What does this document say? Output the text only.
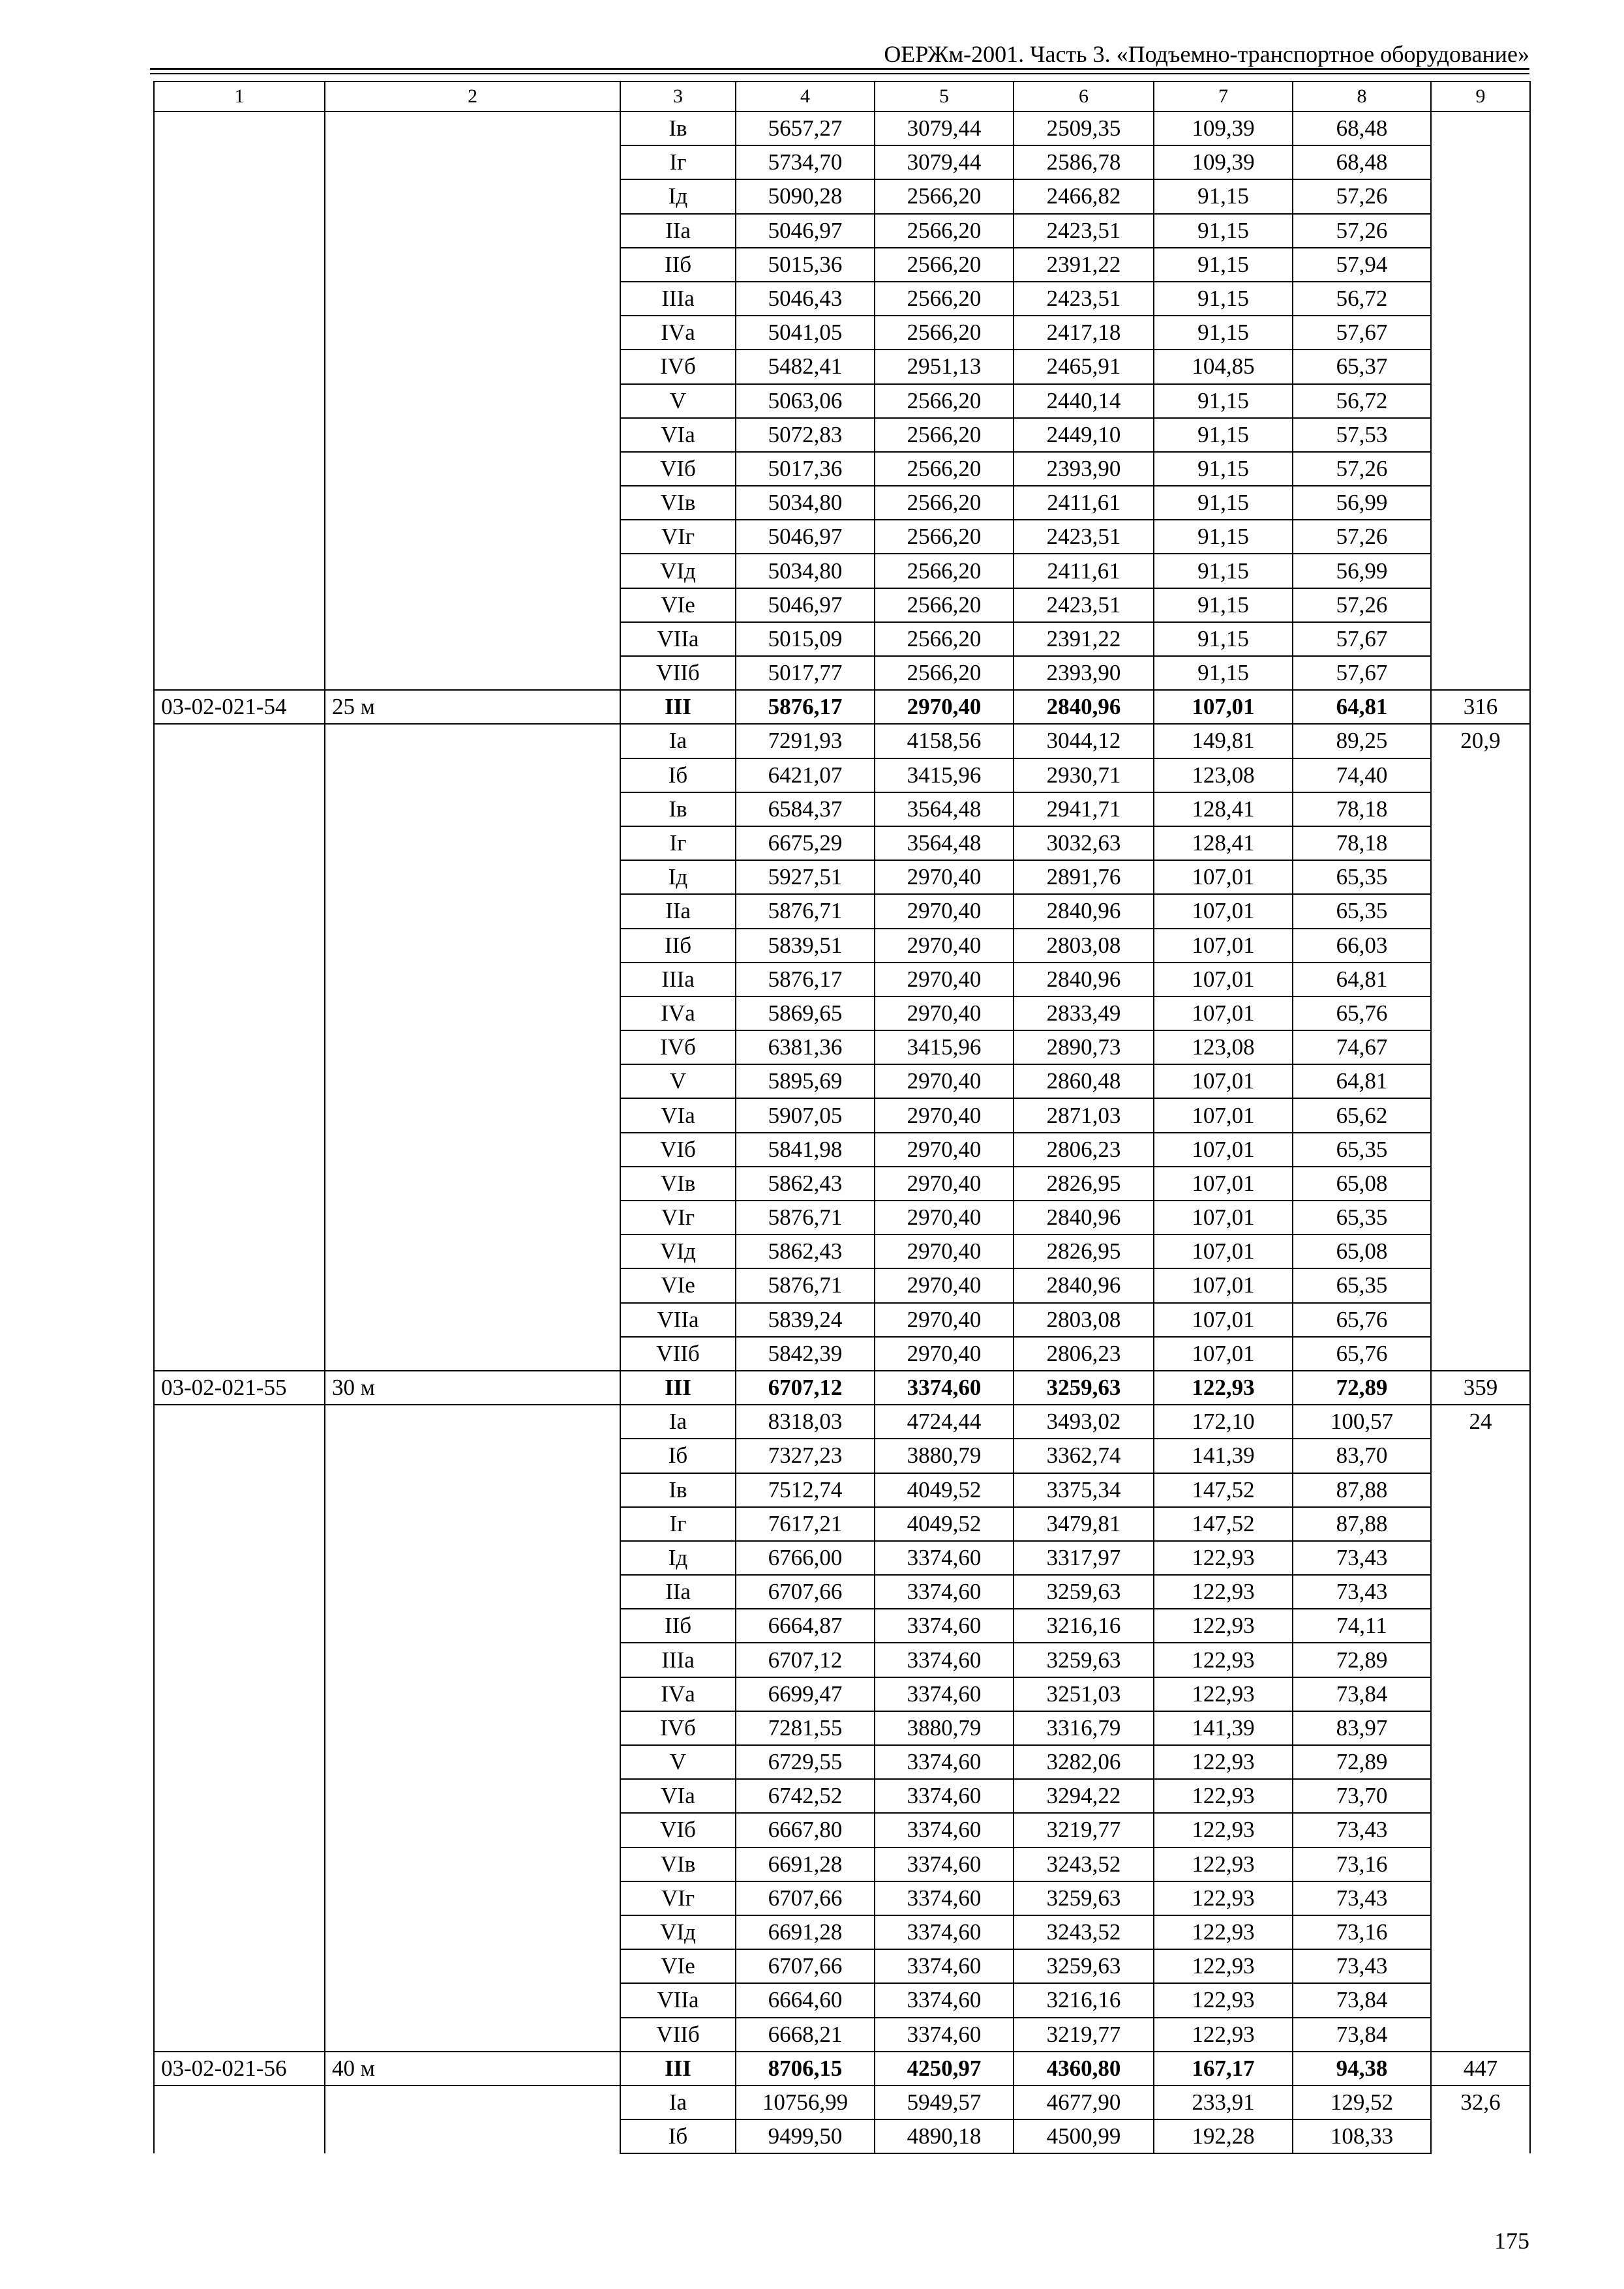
ОЕРЖм-2001. Часть 3. «Подъемно-транспортное оборудование»
1	2	3	4	5	6	7	8	9
		Iв	5657,27	3079,44	2509,35	109,39	68,48	
		Iг	5734,70	3079,44	2586,78	109,39	68,48	
		Iд	5090,28	2566,20	2466,82	91,15	57,26	
		IIа	5046,97	2566,20	2423,51	91,15	57,26	
		IIб	5015,36	2566,20	2391,22	91,15	57,94	
		IIIа	5046,43	2566,20	2423,51	91,15	56,72	
		IVа	5041,05	2566,20	2417,18	91,15	57,67	
		IVб	5482,41	2951,13	2465,91	104,85	65,37	
		V	5063,06	2566,20	2440,14	91,15	56,72	
		VIа	5072,83	2566,20	2449,10	91,15	57,53	
		VIб	5017,36	2566,20	2393,90	91,15	57,26	
		VIв	5034,80	2566,20	2411,61	91,15	56,99	
		VIг	5046,97	2566,20	2423,51	91,15	57,26	
		VIд	5034,80	2566,20	2411,61	91,15	56,99	
		VIе	5046,97	2566,20	2423,51	91,15	57,26	
		VIIа	5015,09	2566,20	2391,22	91,15	57,67	
		VIIб	5017,77	2566,20	2393,90	91,15	57,67	
03-02-021-54	25 м	III	5876,17	2970,40	2840,96	107,01	64,81	316
		Iа	7291,93	4158,56	3044,12	149,81	89,25	20,9
		Iб	6421,07	3415,96	2930,71	123,08	74,40	
		Iв	6584,37	3564,48	2941,71	128,41	78,18	
		Iг	6675,29	3564,48	3032,63	128,41	78,18	
		Iд	5927,51	2970,40	2891,76	107,01	65,35	
		IIа	5876,71	2970,40	2840,96	107,01	65,35	
		IIб	5839,51	2970,40	2803,08	107,01	66,03	
		IIIа	5876,17	2970,40	2840,96	107,01	64,81	
		IVа	5869,65	2970,40	2833,49	107,01	65,76	
		IVб	6381,36	3415,96	2890,73	123,08	74,67	
		V	5895,69	2970,40	2860,48	107,01	64,81	
		VIа	5907,05	2970,40	2871,03	107,01	65,62	
		VIб	5841,98	2970,40	2806,23	107,01	65,35	
		VIв	5862,43	2970,40	2826,95	107,01	65,08	
		VIг	5876,71	2970,40	2840,96	107,01	65,35	
		VIд	5862,43	2970,40	2826,95	107,01	65,08	
		VIе	5876,71	2970,40	2840,96	107,01	65,35	
		VIIа	5839,24	2970,40	2803,08	107,01	65,76	
		VIIб	5842,39	2970,40	2806,23	107,01	65,76	
03-02-021-55	30 м	III	6707,12	3374,60	3259,63	122,93	72,89	359
		Iа	8318,03	4724,44	3493,02	172,10	100,57	24
		Iб	7327,23	3880,79	3362,74	141,39	83,70	
		Iв	7512,74	4049,52	3375,34	147,52	87,88	
		Iг	7617,21	4049,52	3479,81	147,52	87,88	
		Iд	6766,00	3374,60	3317,97	122,93	73,43	
		IIа	6707,66	3374,60	3259,63	122,93	73,43	
		IIб	6664,87	3374,60	3216,16	122,93	74,11	
		IIIа	6707,12	3374,60	3259,63	122,93	72,89	
		IVа	6699,47	3374,60	3251,03	122,93	73,84	
		IVб	7281,55	3880,79	3316,79	141,39	83,97	
		V	6729,55	3374,60	3282,06	122,93	72,89	
		VIа	6742,52	3374,60	3294,22	122,93	73,70	
		VIб	6667,80	3374,60	3219,77	122,93	73,43	
		VIв	6691,28	3374,60	3243,52	122,93	73,16	
		VIг	6707,66	3374,60	3259,63	122,93	73,43	
		VIд	6691,28	3374,60	3243,52	122,93	73,16	
		VIе	6707,66	3374,60	3259,63	122,93	73,43	
		VIIа	6664,60	3374,60	3216,16	122,93	73,84	
		VIIб	6668,21	3374,60	3219,77	122,93	73,84	
03-02-021-56	40 м	III	8706,15	4250,97	4360,80	167,17	94,38	447
		Iа	10756,99	5949,57	4677,90	233,91	129,52	32,6
		Iб	9499,50	4890,18	4500,99	192,28	108,33	
175
